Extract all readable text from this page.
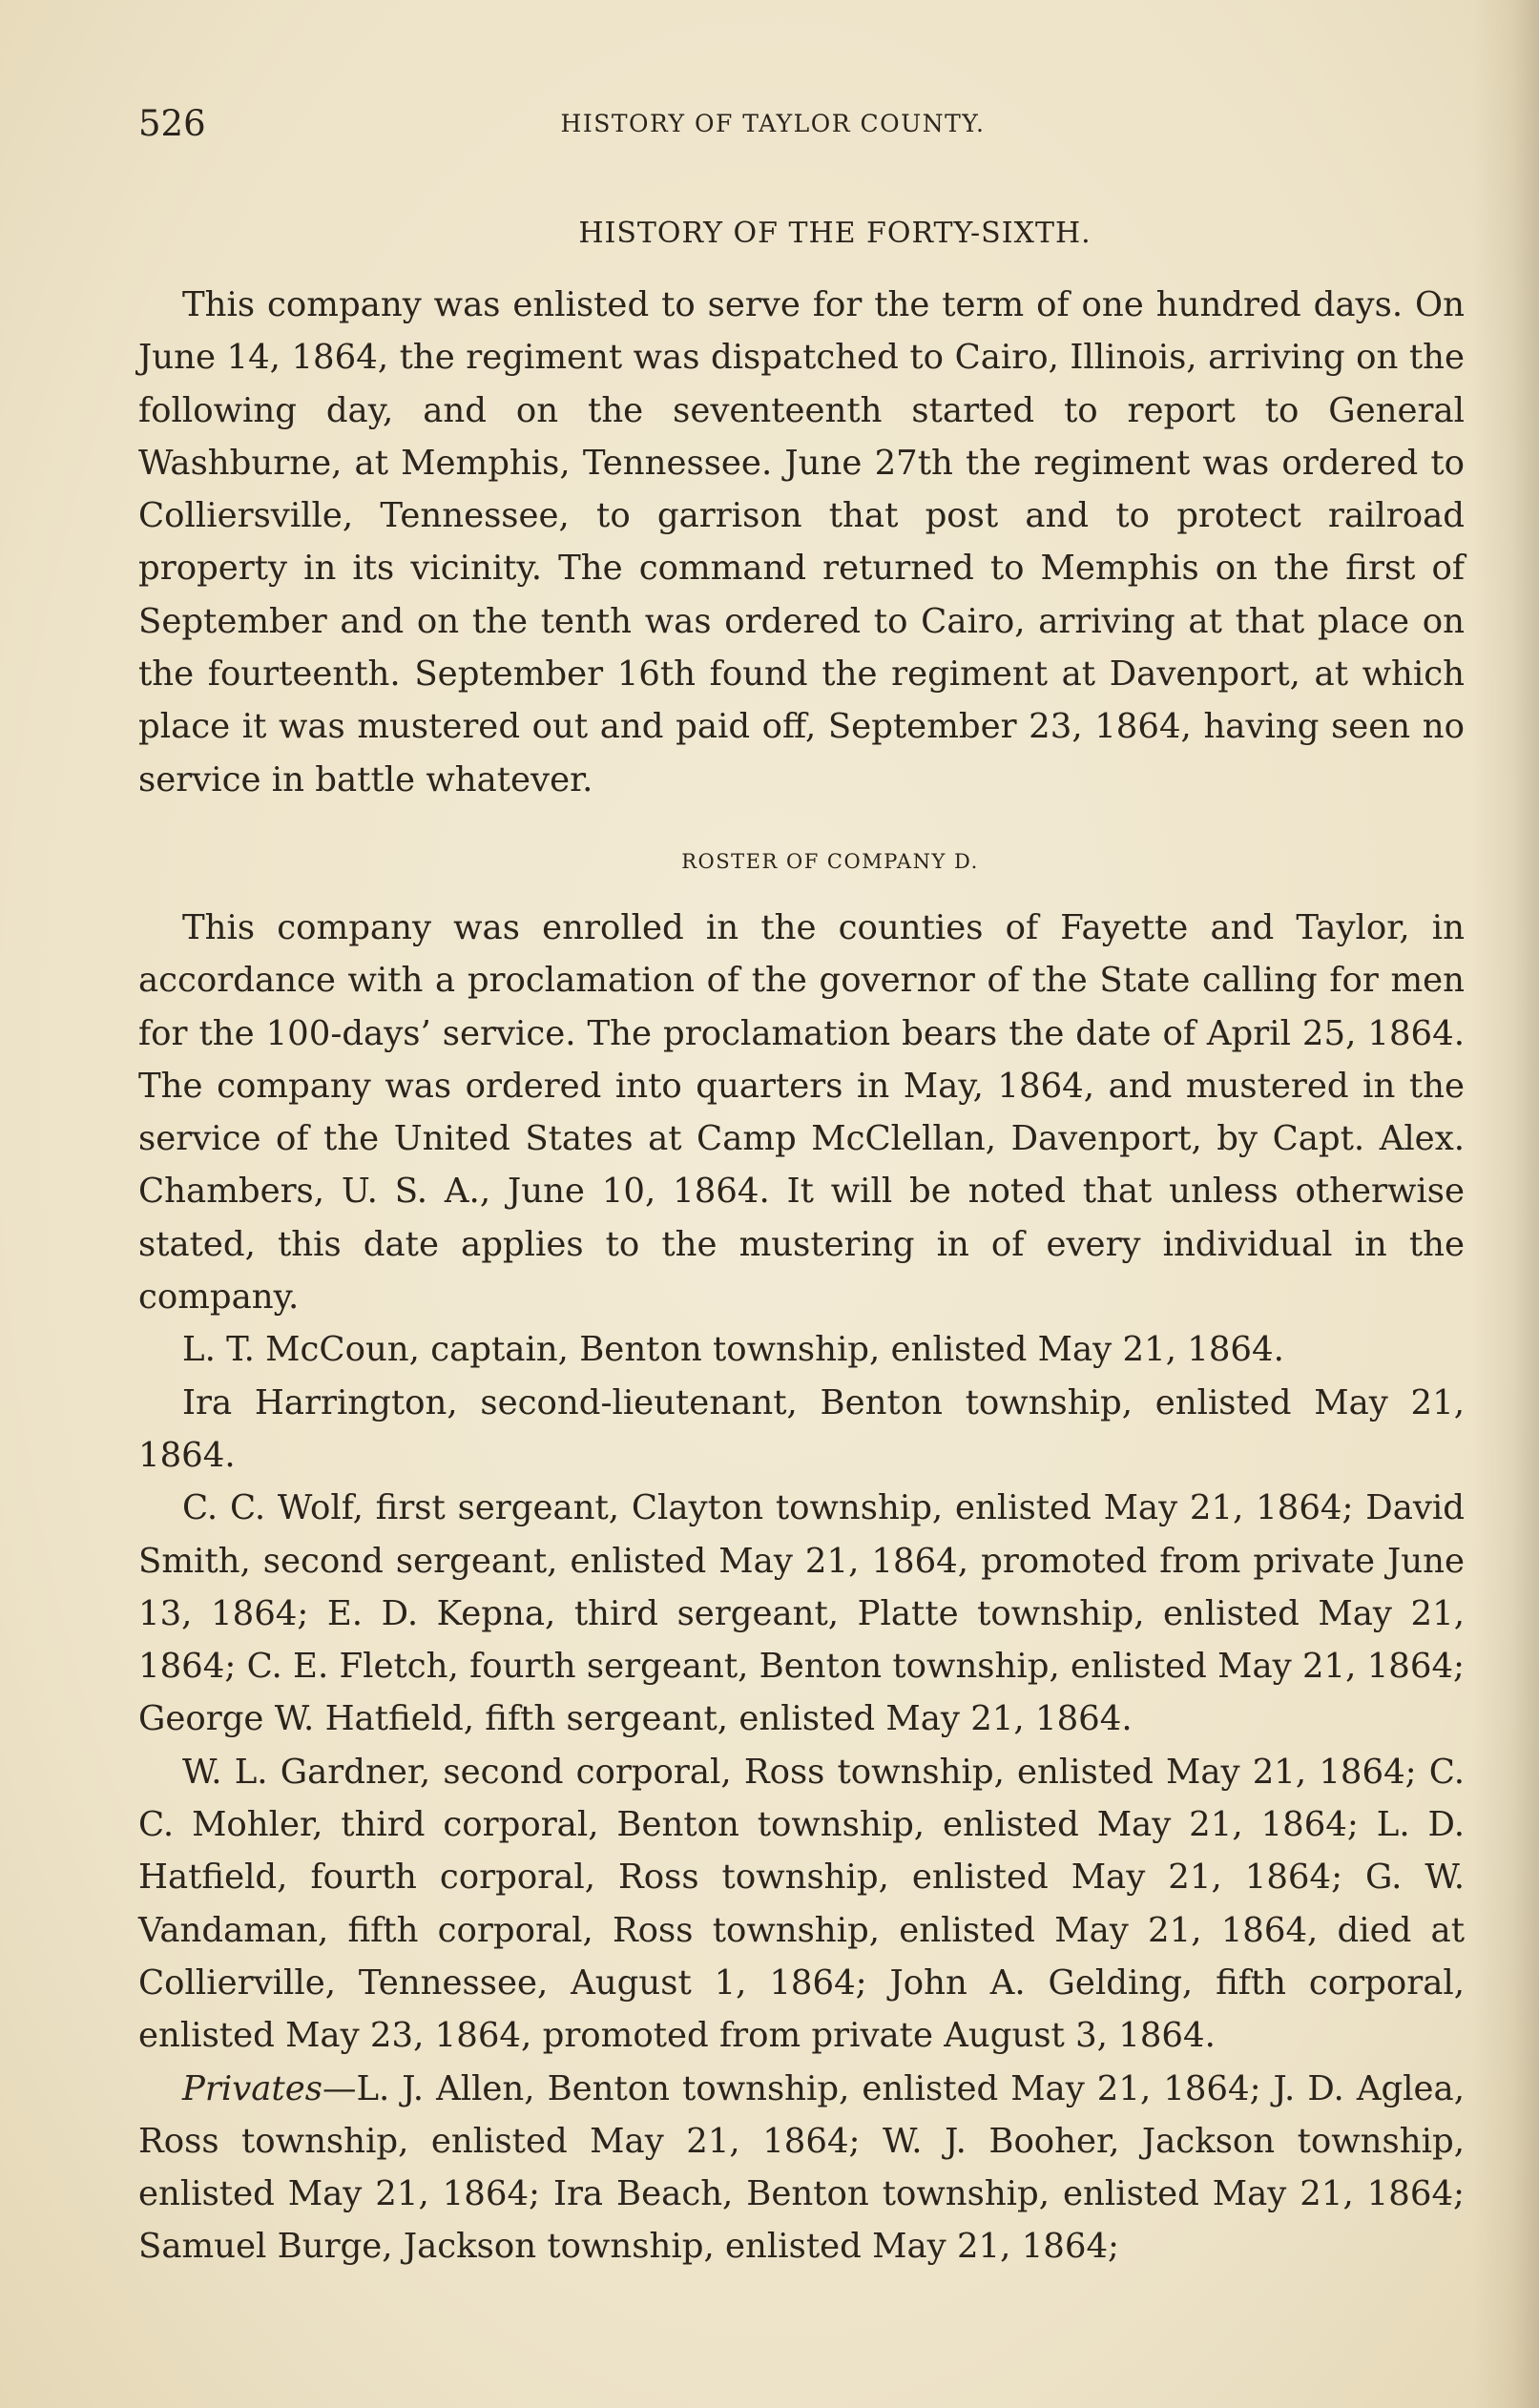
526	HISTORY OF TAYLOR COUNTY.
HISTORY OF THE FORTY-SIXTH.

This company was enlisted to serve for the term of one hundred days. On June 14, 1864, the regiment was dispatched to Cairo, Illinois, arriving on the following day, and on the seventeenth started to report to General Washburne, at Memphis, Tennessee. June 27th the regiment was ordered to Colliersville, Tennessee, to garrison that post and to protect railroad property in its vicinity. The command returned to Memphis on the first of September and on the tenth was ordered to Cairo, arriving at that place on the fourteenth. September 16th found the regiment at Davenport, at which place it was mustered out and paid off, September 23, 1864, having seen no service in battle whatever.

ROSTER OF COMPANY D.

This company was enrolled in the counties of Fayette and Taylor, in accordance with a proclamation of the governor of the State calling for men for the 100-days’ service. The proclamation bears the date of April 25, 1864. The company was ordered into quarters in May, 1864, and mustered in the service of the United States at Camp McClellan, Davenport, by Capt. Alex. Chambers, U. S. A., June 10, 1864. It will be noted that unless otherwise stated, this date applies to the mustering in of every individual in the company.

L. T. McCoun, captain, Benton township, enlisted May 21, 1864.

Ira Harrington, second-lieutenant, Benton township, enlisted May 21, 1864.

C. C. Wolf, first sergeant, Clayton township, enlisted May 21, 1864; David Smith, second sergeant, enlisted May 21, 1864, promoted from private June 13, 1864; E. D. Kepna, third sergeant, Platte township, enlisted May 21, 1864; C. E. Fletch, fourth sergeant, Benton township, enlisted May 21, 1864; George W. Hatfield, fifth sergeant, enlisted May 21, 1864.

W. L. Gardner, second corporal, Ross township, enlisted May 21, 1864; C. C. Mohler, third corporal, Benton township, enlisted May 21, 1864; L. D. Hatfield, fourth corporal, Ross township, enlisted May 21, 1864; G. W. Vandaman, fifth corporal, Ross township, enlisted May 21, 1864, died at Collierville, Tennessee, August 1, 1864; John A. Gelding, fifth corporal, enlisted May 23, 1864, promoted from private August 3, 1864.

Privates—L. J. Allen, Benton township, enlisted May 21, 1864; J. D. Aglea, Ross township, enlisted May 21, 1864; W. J. Booher, Jackson township, enlisted May 21, 1864; Ira Beach, Benton township, enlisted May 21, 1864; Samuel Burge, Jackson township, enlisted May 21, 1864;
